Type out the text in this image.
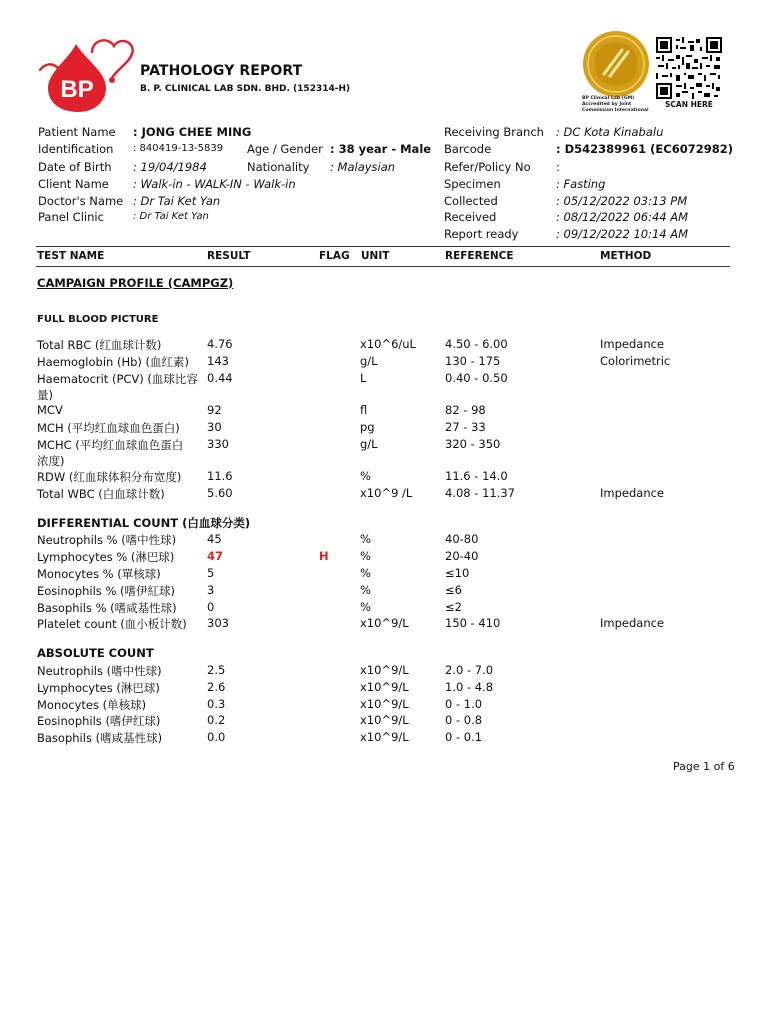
BP
PATHOLOGY REPORT
B. P. CLINICAL LAB SDN. BHD. (152314-H)
BP Clinical Lab (GM)
Accredited by Joint
Commission International
SCAN HERE
Patient Name : JONG CHEE MING
Identification : 840419-13-5839 Age / Gender : 38 year - Male
Date of Birth : 19/04/1984	Nationality : Malaysian
Client Name : Walk-in - WALK-IN - Walk-in
Doctor's Name : Dr Tai Ket Yan
Panel Clinic	: Dr Tai Ket Yan
Receiving Branch : DC Kota Kinabalu
Barcode	: D542389961 (EC6072982)
Refer/Policy No :
Specimen	: Fasting
Collected	: 05/12/2022 03:13 PM
Received	: 08/12/2022 06:44 AM
Report ready	: 09/12/2022 10:14 AM
TEST NAME	RESULT	FLAG UNIT	REFERENCE	METHOD
CAMPAIGN PROFILE (CAMPGZ)
FULL BLOOD PICTURE
Total RBC (红血球计数)	4.76	x10^6/uL	4.50 - 6.00	Impedance
Haemoglobin (Hb) (血红素) 143	g/L	130 - 175	Colorimetric
Haematocrit (PCV) (血球比容 0.44	L	0.40 - 0.50
量)
MCV	92	fl	82 - 98
MCH (平均红血球血色蛋白) 30	pg	27 - 33
MCHC (平均红血球血色蛋白 330	g/L	320 - 350
浓度)
RDW (红血球体积分布宽度) 11.6	%	11.6 - 14.0
Total WBC (白血球计数)	5.60	x10^9 /L	4.08 - 11.37	Impedance
DIFFERENTIAL COUNT (白血球分类)
Neutrophils % (嗜中性球)	45	%	40-80
Lymphocytes % (淋巴球)	47	H	%	20-40
Monocytes % (單核球)	5	%	≤10
Eosinophils % (嗜伊紅球)	3	%	≤6
Basophils % (嗜咸基性球)	0	%	≤2
Platelet count (血小板计数) 303	x10^9/L	150 - 410	Impedance
ABSOLUTE COUNT
Neutrophils (嗜中性球)	2.5	x10^9/L	2.0 - 7.0
Lymphocytes (淋巴球)	2.6	x10^9/L	1.0 - 4.8
Monocytes (单核球)	0.3	x10^9/L	0 - 1.0
Eosinophils (嗜伊红球)	0.2	x10^9/L	0 - 0.8
Basophils (嗜咸基性球)	0.0	x10^9/L	0 - 0.1
Page 1 of 6
